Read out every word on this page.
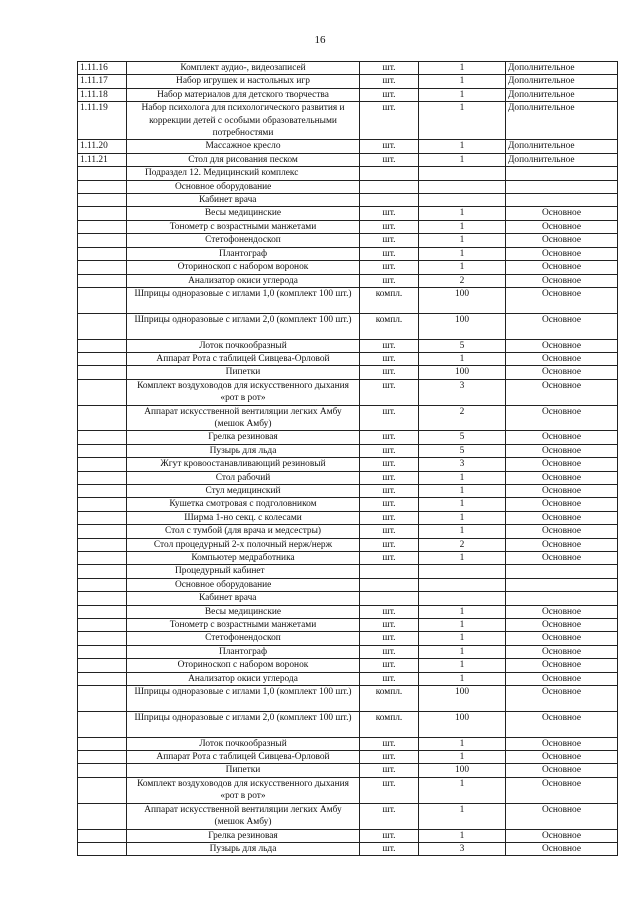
16
1.11.16	Комплект аудио-, видеозаписей	шт.	1	Дополнительное
1.11.17	Набор игрушек и настольных игр	шт.	1	Дополнительное
1.11.18	Набор материалов для детского творчества	шт.	1	Дополнительное
1.11.19	Набор психолога для психологического развития и коррекции детей с особыми образовательными потребностями	шт.	1	Дополнительное
1.11.20	Массажное кресло	шт.	1	Дополнительное
1.11.21	Стол для рисования песком	шт.	1	Дополнительное
	Подраздел 12. Медицинский комплекс			
	Основное оборудование			
	Кабинет врача			
	Весы медицинские	шт.	1	Основное
	Тонометр с возрастными манжетами	шт.	1	Основное
	Стетофонендоскоп	шт.	1	Основное
	Плантограф	шт.	1	Основное
	Оториноскоп с набором воронок	шт.	1	Основное
	Анализатор окиси углерода	шт.	2	Основное
	Шприцы одноразовые с иглами 1,0 (комплект 100 шт.)	компл.	100	Основное
	Шприцы одноразовые с иглами 2,0 (комплект 100 шт.)	компл.	100	Основное
	Лоток почкообразный	шт.	5	Основное
	Аппарат Рота с таблицей Сивцева-Орловой	шт.	1	Основное
	Пипетки	шт.	100	Основное
	Комплект воздуховодов для искусственного дыхания «рот в рот»	шт.	3	Основное
	Аппарат искусственной вентиляции легких Амбу (мешок Амбу)	шт.	2	Основное
	Грелка резиновая	шт.	5	Основное
	Пузырь для льда	шт.	5	Основное
	Жгут кровоостанавливающий резиновый	шт.	3	Основное
	Стол рабочий	шт.	1	Основное
	Стул медицинский	шт.	1	Основное
	Кушетка смотровая с подголовником	шт.	1	Основное
	Ширма 1-но секц. с колесами	шт.	1	Основное
	Стол с тумбой (для врача и медсестры)	шт.	1	Основное
	Стол процедурный 2-х полочный нерж/нерж	шт.	2	Основное
	Компьютер медработника	шт.	1	Основное
	Процедурный кабинет			
	Основное оборудование			
	Кабинет врача			
	Весы медицинские	шт.	1	Основное
	Тонометр с возрастными манжетами	шт.	1	Основное
	Стетофонендоскоп	шт.	1	Основное
	Плантограф	шт.	1	Основное
	Оториноскоп с набором воронок	шт.	1	Основное
	Анализатор окиси углерода	шт.	1	Основное
	Шприцы одноразовые с иглами 1,0 (комплект 100 шт.)	компл.	100	Основное
	Шприцы одноразовые с иглами 2,0 (комплект 100 шт.)	компл.	100	Основное
	Лоток почкообразный	шт.	1	Основное
	Аппарат Рота с таблицей Сивцева-Орловой	шт.	1	Основное
	Пипетки	шт.	100	Основное
	Комплект воздуховодов для искусственного дыхания «рот в рот»	шт.	1	Основное
	Аппарат искусственной вентиляции легких Амбу (мешок Амбу)	шт.	1	Основное
	Грелка резиновая	шт.	1	Основное
	Пузырь для льда	шт.	3	Основное
